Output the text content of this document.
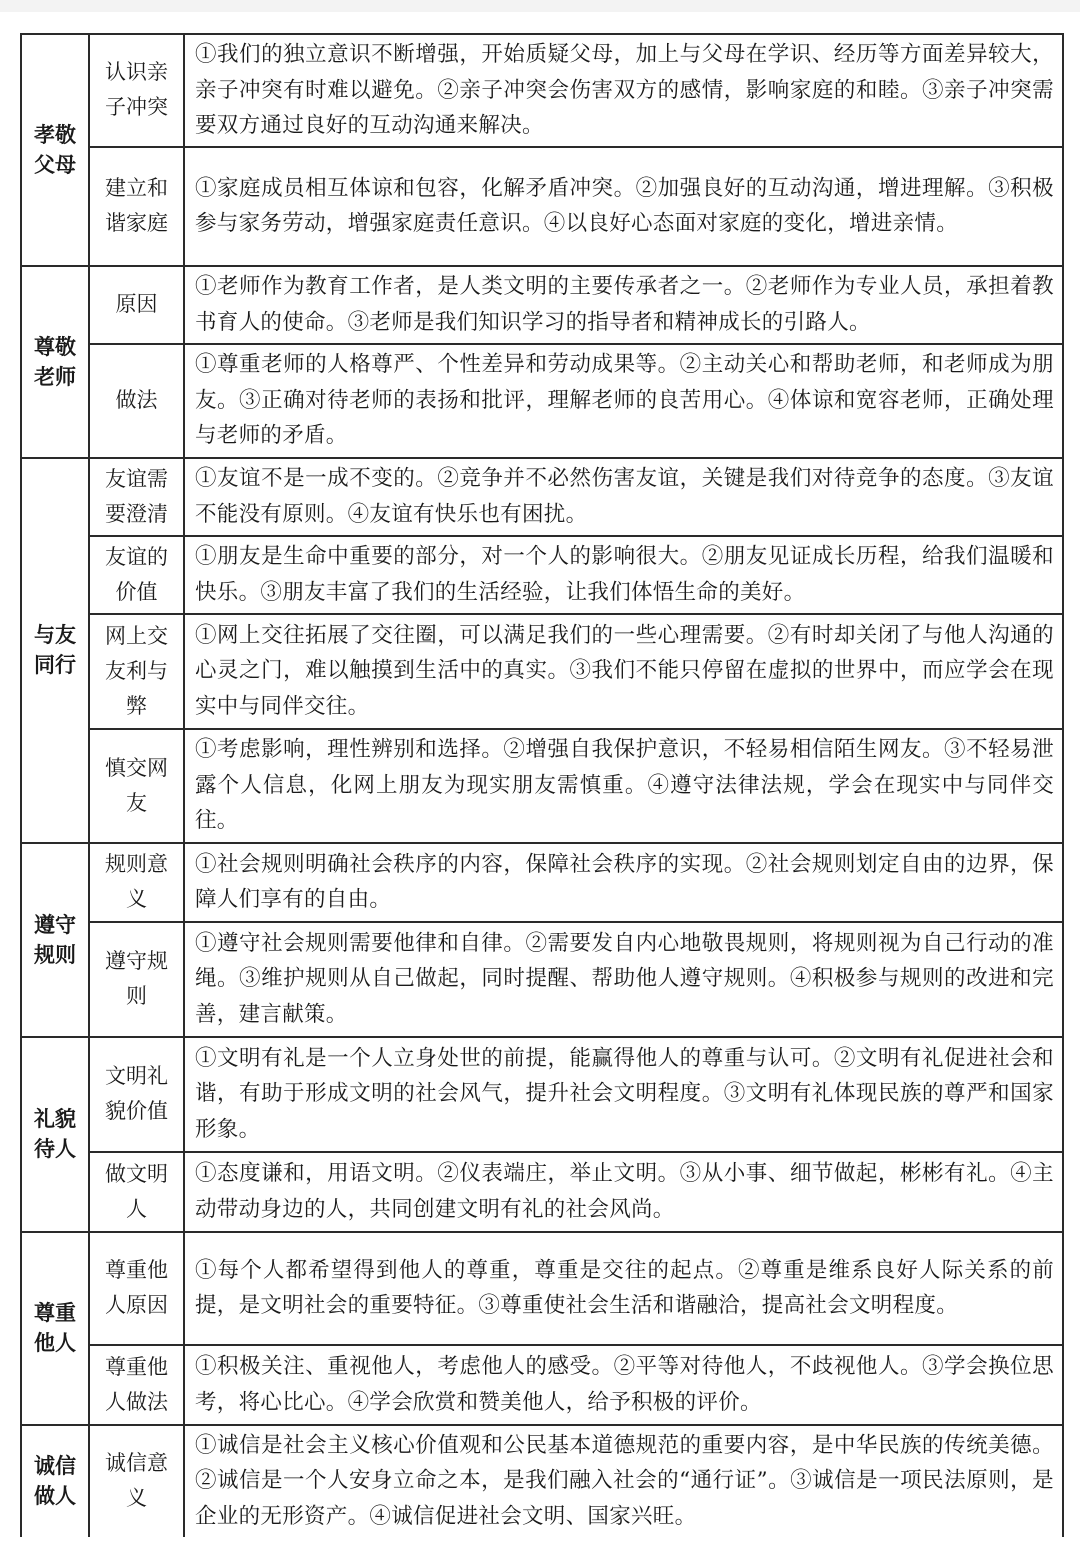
孝敬父母	认识亲子冲突	①我们的独立意识不断增强，开始质疑父母，加上与父母在学识、经历等方面差异较大，亲子冲突有时难以避免。②亲子冲突会伤害双方的感情，影响家庭的和睦。③亲子冲突需要双方通过良好的互动沟通来解决。
	建立和谐家庭	①家庭成员相互体谅和包容，化解矛盾冲突。②加强良好的互动沟通，增进理解。③积极参与家务劳动，增强家庭责任意识。④以良好心态面对家庭的变化，增进亲情。
尊敬老师	原因	①老师作为教育工作者，是人类文明的主要传承者之一。②老师作为专业人员，承担着教书育人的使命。③老师是我们知识学习的指导者和精神成长的引路人。
	做法	①尊重老师的人格尊严、个性差异和劳动成果等。②主动关心和帮助老师，和老师成为朋友。③正确对待老师的表扬和批评，理解老师的良苦用心。④体谅和宽容老师，正确处理与老师的矛盾。
与友同行	友谊需要澄清	①友谊不是一成不变的。②竞争并不必然伤害友谊，关键是我们对待竞争的态度。③友谊不能没有原则。④友谊有快乐也有困扰。
	友谊的价值	①朋友是生命中重要的部分，对一个人的影响很大。②朋友见证成长历程，给我们温暖和快乐。③朋友丰富了我们的生活经验，让我们体悟生命的美好。
	网上交友利与弊	①网上交往拓展了交往圈，可以满足我们的一些心理需要。②有时却关闭了与他人沟通的心灵之门，难以触摸到生活中的真实。③我们不能只停留在虚拟的世界中，而应学会在现实中与同伴交往。
	慎交网友	①考虑影响，理性辨别和选择。②增强自我保护意识，不轻易相信陌生网友。③不轻易泄露个人信息，化网上朋友为现实朋友需慎重。④遵守法律法规，学会在现实中与同伴交往。
遵守规则	规则意义	①社会规则明确社会秩序的内容，保障社会秩序的实现。②社会规则划定自由的边界，保障人们享有的自由。
	遵守规则	①遵守社会规则需要他律和自律。②需要发自内心地敬畏规则，将规则视为自己行动的准绳。③维护规则从自己做起，同时提醒、帮助他人遵守规则。④积极参与规则的改进和完善，建言献策。
礼貌待人	文明礼貌价值	①文明有礼是一个人立身处世的前提，能赢得他人的尊重与认可。②文明有礼促进社会和谐，有助于形成文明的社会风气，提升社会文明程度。③文明有礼体现民族的尊严和国家形象。
	做文明人	①态度谦和，用语文明。②仪表端庄，举止文明。③从小事、细节做起，彬彬有礼。④主动带动身边的人，共同创建文明有礼的社会风尚。
尊重他人	尊重他人原因	①每个人都希望得到他人的尊重，尊重是交往的起点。②尊重是维系良好人际关系的前提，是文明社会的重要特征。③尊重使社会生活和谐融洽，提高社会文明程度。
	尊重他人做法	①积极关注、重视他人，考虑他人的感受。②平等对待他人，不歧视他人。③学会换位思考，将心比心。④学会欣赏和赞美他人，给予积极的评价。
诚信做人	诚信意义	①诚信是社会主义核心价值观和公民基本道德规范的重要内容，是中华民族的传统美德。②诚信是一个人安身立命之本，是我们融入社会的“通行证”。③诚信是一项民法原则，是企业的无形资产。④诚信促进社会文明、国家兴旺。
